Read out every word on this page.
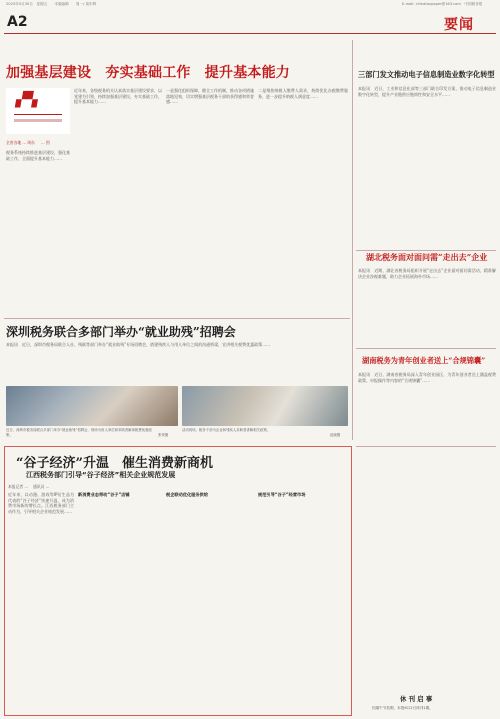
2025年5月30日　星期五　　本版编辑　　周一/ 周东辉	E-mail: chinataxpaper@163.com　中国税务报
A2	要闻
加强基层建设　夯实基础工作　提升基本能力
▞▚
全省各地 ... 周东 　 ... 图
税务系统持续推进基层建设，强化基础工作，全面提升基本能力……
近年来，各级税务机关认真落实基层建设要求，以党建为引领，持续加强基层建设，夯实基础工作，提升基本能力……
一是强化组织保障，健全工作机制，推动各项措施落地见效，切实增强基层税务干部的获得感和荣誉感……
二是聚焦纳税人缴费人需求，持续优化办税缴费服务，进一步提升纳税人满意度……
三部门发文推动电子信息制造业数字化转型
本报讯　近日，工业和信息化部等三部门联合印发方案，推动电子信息制造业数字化转型，提升产业链供应链韧性和安全水平……
湖北税务面对面问需“走出去”企业
本报讯　近期，湖北省税务局组织开展“走出去”企业面对面问需活动，精准解决企业涉税难题，助力企业拓展海外市场……
湖南税务为青年创业者送上“合规锦囊”
本报讯　近日，湖南省税务局深入青年创业园区，为青年创业者送上涵盖税费政策、申报操作等内容的“合规锦囊”……
深圳税务联合多部门举办“就业助残”招聘会
本报讯　近日，深圳市税务局联合人社、残联等部门举办“就业助残”专场招聘会，搭建残疾人与用人单位之间的沟通桥梁，宣讲相关税费优惠政策……
近日，深圳市税务局联合多部门举办“就业助残”招聘会，现场为用人单位和求职者解读税费优惠政策。	张荣摄
活动现场，税务干部为企业和残疾人求职者讲解相关政策。
赵晓摄
“谷子经济”升温　催生消费新商机
江西税务部门引导“谷子经济”相关企业规范发展
本报记者 ... 　通讯员 ...
近年来，以动漫、游戏等IP衍生品为代表的“谷子经济”快速升温，成为消费市场新的增长点。江西税务部门主动作为，引导相关企业规范发展……
新消费业态带动“谷子”店铺	税企联动优化服务供给	规范引导“谷子”经营市场
休 刊 启 事
因端午节放假，本报6月2日休刊1期。
